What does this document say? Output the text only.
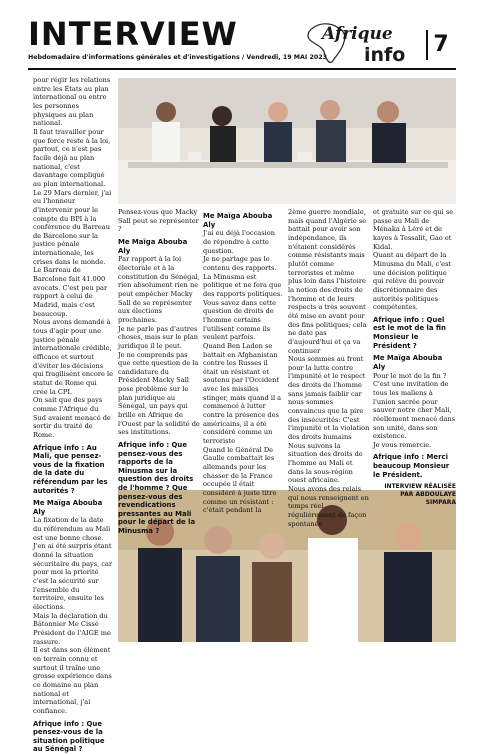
INTERVIEW
Hebdomadaire d'informations générales et d'investigations / Vendredi, 19 MAI 2023
Afrique
info	7

pour régir les relations entre les États au plan international ou entre les personnes physiques au plan national.

Il faut travailler pour que force reste à la loi, partout, ce n'est pas facile déjà au plan national, c'est davantage compliqué au plan international.

Le 29 Mars dernier, j'ai eu l'honneur d'intervenir pour le compte du BPI à la conférence du Barreau de Barcelone sur la justice pénale internationale, les crises dans le monde.

Le Barreau de Barcelone fait 41.000 avocats. C'est peu par rapport à celui de Madrid, mais c'est beaucoup.

Nous avons demandé à tous d'agir pour une justice pénale internationale crédible, efficace et surtout d'éviter les décisions qui fragilisent encore le statut de Rome qui crée la CPI.

On sait que des pays comme l'Afrique du Sud avaient menacé de sortir du traité de Rome.

Afrique info : Au Mali, que pensez-vous de la fixation de la date du référendum par les autorités ?

Me Maïga Abouba Aly

La fixation de la date du référendum au Mali est une bonne chose.

J'en ai été surpris étant donné la situation sécuritaire du pays, car pour moi la priorité c'est la sécurité sur l'ensemble du territoire, ensuite les élections.

Mais la déclaration du Bâtonnier Me Cissé Président de l'AIGE me rassure.

Il est dans son élément en terrain connu et surtout il traîne une grosse expérience dans ce domaine au plan national et international, j'ai confiance.

Afrique info : Que pensez-vous de la situation politique au Sénégal ?

Pensez-vous que Macky Sall peut se représenter ?

Me Maïga Abouba Aly

Par rapport à la loi électorale et à la constitution du Sénégal, rien absolument rien ne peut empêcher Macky Sall de se représenter aux élections prochaines.

Je ne parle pas d'autres choses, mais sur le plan juridique il le peut.

Je ne comprends pas que cette question de la candidature du Président Macky Sall pose problème sur le plan juridique au Sénégal, un pays qui brille en Afrique de l'Ouest par la solidité de ses institutions.

Afrique info : Que pensez-vous des rapports de la Minusma sur la question des droits de l'homme ? Que pensez-vous des revendications pressantes au Mali pour le départ de la Minusma ?

Me Maïga Abouba Aly

J'ai eu déjà l'occasion de répondre à cette question.

Je ne partage pas le contenu des rapports. La Minusma est politique et ne fera que des rapports politiques.

Vous savez dans cette question de droits de l'homme certains l'utilisent comme ils veulent parfois.

Quand Ben Laden se battait en Afghanistan contre les Russes il était un résistant et soutenu par l'Occident avec les missiles stinger, mais quand il a commencé à lutter contre la présence des américains, il a été considéré comme un terroriste

Quand le Général De Gaulle combattait les allemands pour les chasser de la France occupée il était considéré à juste titre comme un résistant : c'était pendant la

2ème guerre mondiale, mais quand l'Algérie se battait pour avoir son indépendance, ils n'étaient considérés comme résistants mais plutôt comme terroristes et même plus loin dans l'histoire la notion des droits de l'homme et de leurs respects a très souvent été mise en avant pour des fins politiques; cela ne date pas d'aujourd'hui et ça va continuer

Nous sommes au front pour la lutte contre l'impunité et le respect des droits de l'homme sans jamais faiblir car nous sommes convaincus que la pire des insécurités: C'est l'impunité et la violation des droits humains

Nous suivons la situation des droits de l'homme au Mali et dans la sous-région ouest africaine.

Nous avons des relais qui nous renseignent en temps réel régulièrement de façon spontanée

et gratuite sur ce qui se passe au Mali de Ménaka à Léré et de kayes à Tessalit, Gao et Kidal.

Quant au départ de la Minusma du Mali, c'est une décision politique qui relève du pouvoir discrétionnaire des autorités politiques compétentes.

Afrique info : Quel est le mot de la fin Monsieur le Président ?

Me Maïga Abouba Aly

Pour le mot de la fin ?

C'est une invitation de tous les maliens à l'union sacrée pour sauver notre cher Mali, réellement menacé dans son unité, dans son existence.

Je vous remercie.

Afrique info : Merci beaucoup Monsieur le Président.

INTERVIEW RÉALISÉE PAR ABDOULAYE SIMPARA
